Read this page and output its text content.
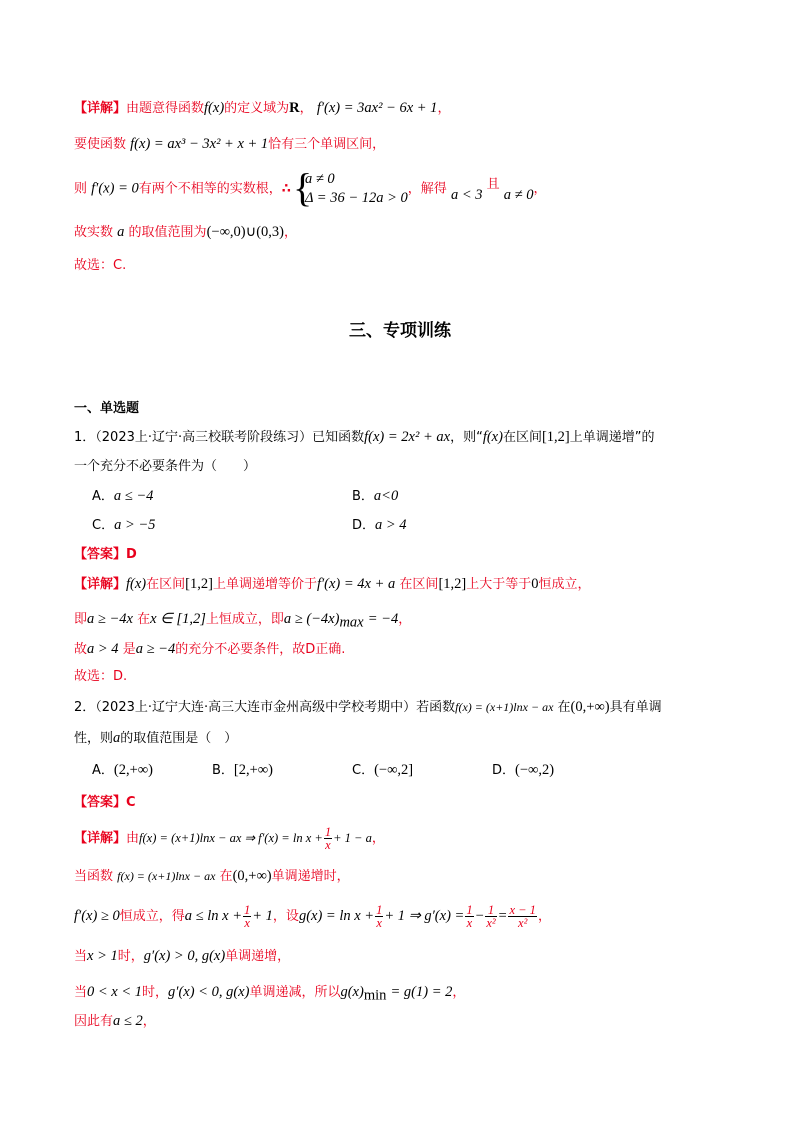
【详解】由题意得函数f(x)的定义域为R， f′(x) = 3ax² − 6x + 1，
要使函数 f(x) = ax³ − 3x² + x + 1恰有三个单调区间，
则 f′(x) = 0有两个不相等的实数根，∴
{ a ≠ 0
Δ = 36 − 12a > 0
，解得 a < 3 且 a ≠ 0，
故实数 a 的取值范围为(−∞,0)∪(0,3)，
故选：C.
三、专项训练
一、单选题
1．（2023上·辽宁·高三校联考阶段练习）已知函数f(x) = 2x² + ax，则“f(x)在区间[1,2]上单调递增”的
一个充分不必要条件为（　　）
A．a ≤ −4	B．a<0
C．a > −5	D．a > 4
【答案】D
【详解】f(x)在区间[1,2]上单调递增等价于f′(x) = 4x + a 在区间[1,2]上大于等于0恒成立，
即a ≥ −4x 在x ∈ [1,2]上恒成立，即$a \ge (-4x)_{max} = -4$，
故a > 4 是a ≥ −4的充分不必要条件，故D正确.
故选：D.
2．（2023上·辽宁大连·高三大连市金州高级中学校考期中）若函数f(x) = (x+1)lnx − ax 在(0,+∞)具有单调
性，则a的取值范围是（　）
A．(2,+∞)	B．[2,+∞)	C．(−∞,2]	D．(−∞,2)
【答案】C
【详解】由f(x) = (x+1)lnx − ax ⇒ $f'(x) = \ln x + \frac{1}{x} + 1 - a$，
当函数 f(x) = (x+1)lnx − ax 在(0,+∞)单调递增时，
f′(x) ≥ 0恒成立，得$a \le \ln x + \frac{1}{x} + 1$，设$g(x) = \ln x + \frac{1}{x} + 1$ ⇒ $g'(x) = \frac{1}{x} - \frac{1}{\text{x²}} = \frac{x - 1}{\text{x²}}$ ，
当x > 1时，g′(x) > 0, g(x)单调递增，
当0 < x < 1时，g′(x) < 0, g(x)单调递减，所以$g(x)_{min} = g(1) = 2$，
因此有a ≤ 2，
